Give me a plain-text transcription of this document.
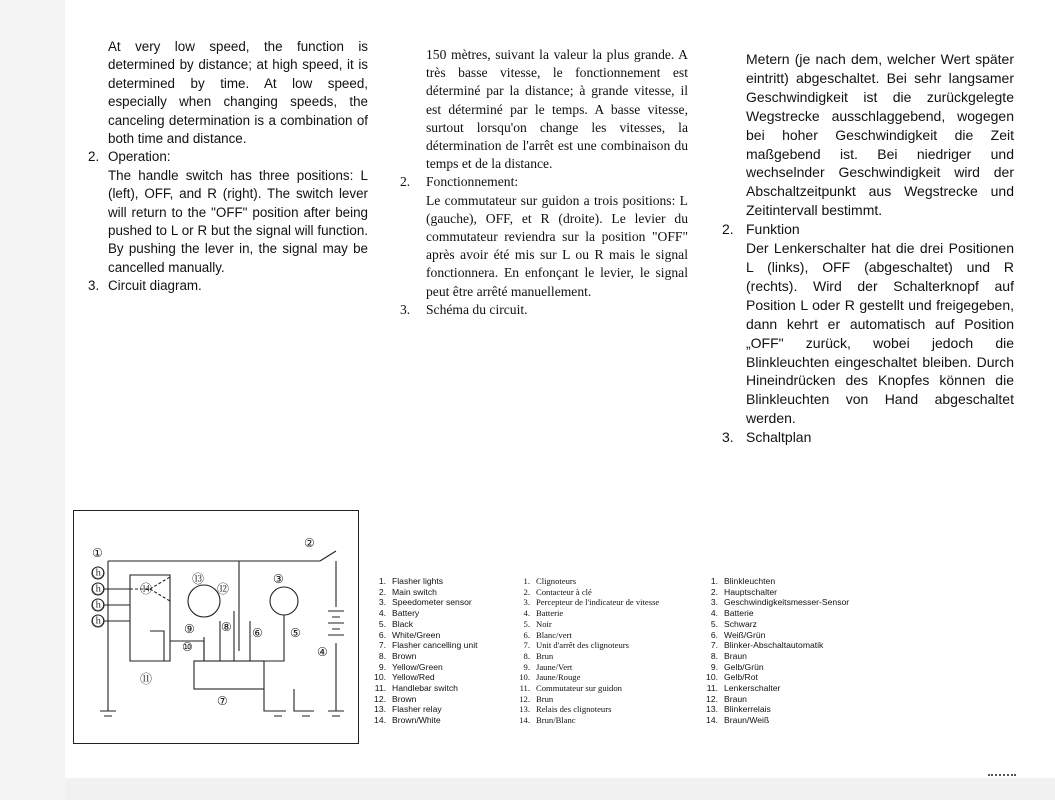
At very low speed, the function is determined by distance; at high speed, it is determined by time. At low speed, especially when changing speeds, the canceling determination is a combination of both time and distance.

2. Operation:

The handle switch has three positions: L (left), OFF, and R (right). The switch lever will return to the "OFF" position after being pushed to L or R but the signal will function. By pushing the lever in, the signal may be cancelled manually.

3. Circuit diagram.

150 mètres, suivant la valeur la plus grande. A très basse vitesse, le fonctionnement est déterminé par la distance; à grande vitesse, il est déterminé par le temps. A basse vitesse, surtout lorsqu'on change les vitesses, la détermination de l'arrêt est une combinaison du temps et de la distance.

2. Fonctionnement:

Le commutateur sur guidon a trois positions: L (gauche), OFF, et R (droite). Le levier du commutateur reviendra sur la position "OFF" après avoir été mis sur L ou R mais le signal fonctionnera. En enfonçant le levier, le signal peut être arrêté manuellement.

3. Schéma du circuit.

Metern (je nach dem, welcher Wert später eintritt) abgeschaltet. Bei sehr langsamer Geschwindigkeit ist die zurückgelegte Wegstrecke ausschlaggebend, wogegen bei hoher Geschwindigkeit die Zeit maßgebend ist. Bei niedriger und wechselnder Geschwindigkeit wird der Abschaltzeitpunkt aus Wegstrecke und Zeitintervall bestimmt.

2. Funktion

Der Lenkerschalter hat die drei Positionen L (links), OFF (abgeschaltet) und R (rechts). Wird der Schalterknopf auf Position L oder R gestellt und freigegeben, dann kehrt er automatisch auf Position „OFF" zurück, wobei jedoch die Blinkleuchten eingeschaltet bleiben. Durch Hineindrücken des Knopfes können die Blinkleuchten von Hand abgeschaltet werden.

3. Schaltplan

①
②
③
④
⑤
⑥
⑦
⑧
⑨
⑩
⑪
⑫
⑬
⑭
ⓗ
ⓗ
ⓗ
ⓗ
1. Flasher lights
2. Main switch
3. Speedometer sensor
4. Battery
5. Black
6. White/Green
7. Flasher cancelling unit
8. Brown
9. Yellow/Green
10. Yellow/Red
11. Handlebar switch
12. Brown
13. Flasher relay
14. Brown/White
1. Clignoteurs
2. Contacteur à clé
3. Percepteur de l'indicateur de vitesse
4. Batterie
5. Noir
6. Blanc/vert
7. Unit d'arrêt des clignoteurs
8. Brun
9. Jaune/Vert
10. Jaune/Rouge
11. Commutateur sur guidon
12. Brun
13. Relais des clignoteurs
14. Brun/Blanc
1. Blinkleuchten
2. Hauptschalter
3. Geschwindigkeitsmesser-Sensor
4. Batterie
5. Schwarz
6. Weiß/Grün
7. Blinker-Abschaltautomatik
8. Braun
9. Gelb/Grün
10. Gelb/Rot
11. Lenkerschalter
12. Braun
13. Blinkerrelais
14. Braun/Weiß
